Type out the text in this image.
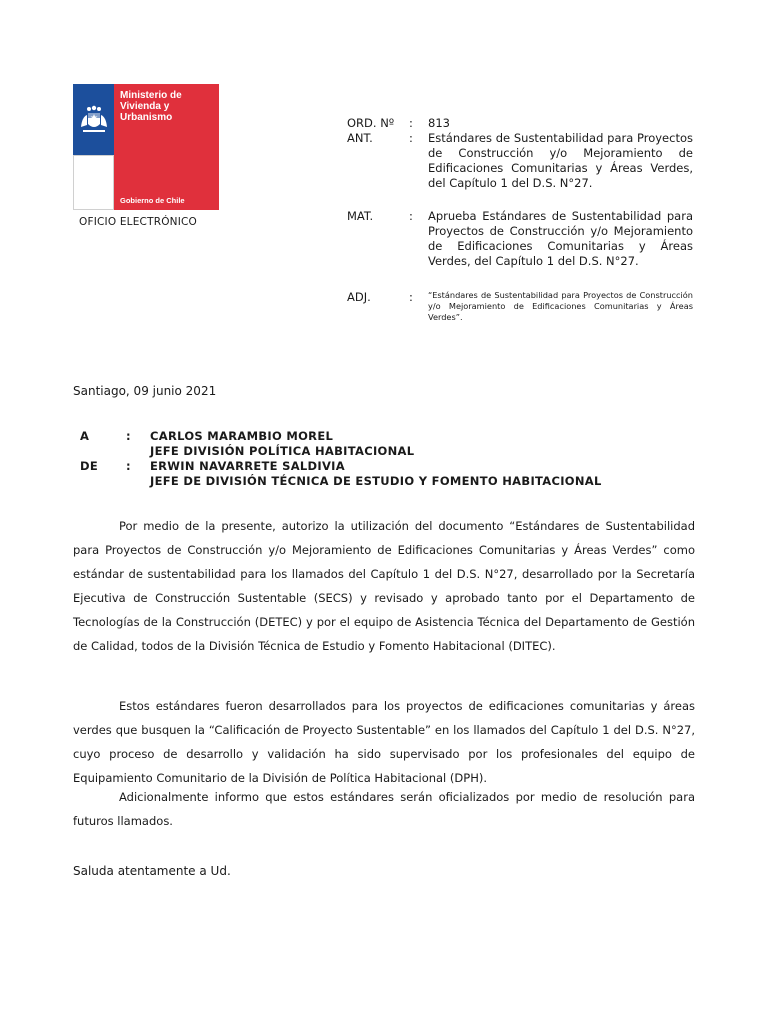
Ministerio de
Vivienda y
Urbanismo
Gobierno de Chile
OFICIO ELECTRÓNICO
ORD. Nº : 813
ANT.	: Estándares de Sustentabilidad para Proyectos de Construcción y/o Mejoramiento de Edificaciones Comunitarias y Áreas Verdes, del Capítulo 1 del D.S. N°27.
MAT.	: Aprueba Estándares de Sustentabilidad para Proyectos de Construcción y/o Mejoramiento de Edificaciones Comunitarias y Áreas Verdes, del Capítulo 1 del D.S. N°27.
ADJ.	: “Estándares de Sustentabilidad para Proyectos de Construcción y/o Mejoramiento de Edificaciones Comunitarias y Áreas Verdes”.
Santiago, 09 junio 2021
A	: CARLOS MARAMBIO MOREL
JEFE DIVISIÓN POLÍTICA HABITACIONAL
DE : ERWIN NAVARRETE SALDIVIA
JEFE DE DIVISIÓN TÉCNICA DE ESTUDIO Y FOMENTO HABITACIONAL
Por medio de la presente, autorizo la utilización del documento “Estándares de Sustentabilidad para Proyectos de Construcción y/o Mejoramiento de Edificaciones Comunitarias y Áreas Verdes” como estándar de sustentabilidad para los llamados del Capítulo 1 del D.S. N°27, desarrollado por la Secretaría Ejecutiva de Construcción Sustentable (SECS) y revisado y aprobado tanto por el Departamento de Tecnologías de la Construcción (DETEC) y por el equipo de Asistencia Técnica del Departamento de Gestión de Calidad, todos de la División Técnica de Estudio y Fomento Habitacional (DITEC).
Estos estándares fueron desarrollados para los proyectos de edificaciones comunitarias y áreas verdes que busquen la “Calificación de Proyecto Sustentable” en los llamados del Capítulo 1 del D.S. N°27, cuyo proceso de desarrollo y validación ha sido supervisado por los profesionales del equipo de Equipamiento Comunitario de la División de Política Habitacional (DPH).
Adicionalmente informo que estos estándares serán oficializados por medio de resolución para futuros llamados.
Saluda atentamente a Ud.
